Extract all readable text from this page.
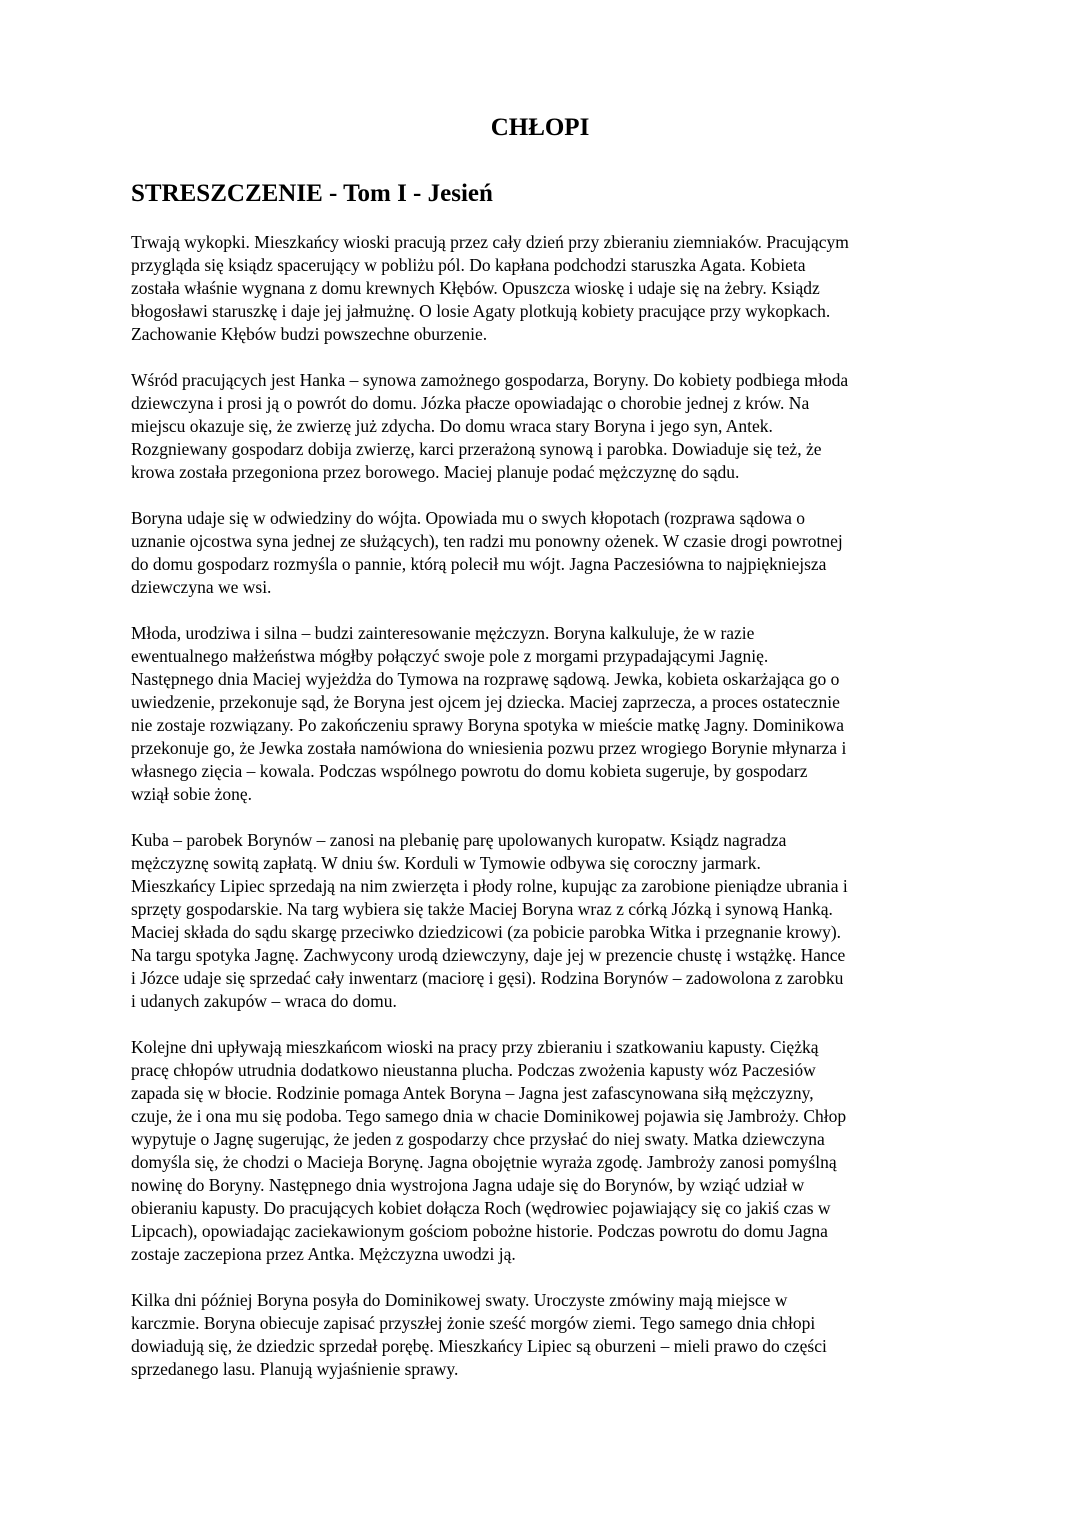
CHŁOPI
STRESZCZENIE - Tom I - Jesień

Trwają wykopki. Mieszkańcy wioski pracują przez cały dzień przy zbieraniu ziemniaków. Pracującym
przygląda się ksiądz spacerujący w pobliżu pól. Do kapłana podchodzi staruszka Agata. Kobieta
została właśnie wygnana z domu krewnych Kłębów. Opuszcza wioskę i udaje się na żebry. Ksiądz
błogosławi staruszkę i daje jej jałmużnę. O losie Agaty plotkują kobiety pracujące przy wykopkach.
Zachowanie Kłębów budzi powszechne oburzenie.

Wśród pracujących jest Hanka – synowa zamożnego gospodarza, Boryny. Do kobiety podbiega młoda
dziewczyna i prosi ją o powrót do domu. Józka płacze opowiadając o chorobie jednej z krów. Na
miejscu okazuje się, że zwierzę już zdycha. Do domu wraca stary Boryna i jego syn, Antek.
Rozgniewany gospodarz dobija zwierzę, karci przerażoną synową i parobka. Dowiaduje się też, że
krowa została przegoniona przez borowego. Maciej planuje podać mężczyznę do sądu.

Boryna udaje się w odwiedziny do wójta. Opowiada mu o swych kłopotach (rozprawa sądowa o
uznanie ojcostwa syna jednej ze służących), ten radzi mu ponowny ożenek. W czasie drogi powrotnej
do domu gospodarz rozmyśla o pannie, którą polecił mu wójt. Jagna Paczesiówna to najpiękniejsza
dziewczyna we wsi.

Młoda, urodziwa i silna – budzi zainteresowanie mężczyzn. Boryna kalkuluje, że w razie
ewentualnego małżeństwa mógłby połączyć swoje pole z morgami przypadającymi Jagnię.
Następnego dnia Maciej wyjeżdża do Tymowa na rozprawę sądową. Jewka, kobieta oskarżająca go o
uwiedzenie, przekonuje sąd, że Boryna jest ojcem jej dziecka. Maciej zaprzecza, a proces ostatecznie
nie zostaje rozwiązany. Po zakończeniu sprawy Boryna spotyka w mieście matkę Jagny. Dominikowa
przekonuje go, że Jewka została namówiona do wniesienia pozwu przez wrogiego Borynie młynarza i
własnego zięcia – kowala. Podczas wspólnego powrotu do domu kobieta sugeruje, by gospodarz
wziął sobie żonę.

Kuba – parobek Borynów – zanosi na plebanię parę upolowanych kuropatw. Ksiądz nagradza
mężczyznę sowitą zapłatą. W dniu św. Korduli w Tymowie odbywa się coroczny jarmark.
Mieszkańcy Lipiec sprzedają na nim zwierzęta i płody rolne, kupując za zarobione pieniądze ubrania i
sprzęty gospodarskie. Na targ wybiera się także Maciej Boryna wraz z córką Józką i synową Hanką.
Maciej składa do sądu skargę przeciwko dziedzicowi (za pobicie parobka Witka i przegnanie krowy).
Na targu spotyka Jagnę. Zachwycony urodą dziewczyny, daje jej w prezencie chustę i wstążkę. Hance
i Józce udaje się sprzedać cały inwentarz (maciorę i gęsi). Rodzina Borynów – zadowolona z zarobku
i udanych zakupów – wraca do domu.

Kolejne dni upływają mieszkańcom wioski na pracy przy zbieraniu i szatkowaniu kapusty. Ciężką
pracę chłopów utrudnia dodatkowo nieustanna plucha. Podczas zwożenia kapusty wóz Paczesiów
zapada się w błocie. Rodzinie pomaga Antek Boryna – Jagna jest zafascynowana siłą mężczyzny,
czuje, że i ona mu się podoba. Tego samego dnia w chacie Dominikowej pojawia się Jambroży. Chłop
wypytuje o Jagnę sugerując, że jeden z gospodarzy chce przysłać do niej swaty. Matka dziewczyna
domyśla się, że chodzi o Macieja Borynę. Jagna obojętnie wyraża zgodę. Jambroży zanosi pomyślną
nowinę do Boryny. Następnego dnia wystrojona Jagna udaje się do Borynów, by wziąć udział w
obieraniu kapusty. Do pracujących kobiet dołącza Roch (wędrowiec pojawiający się co jakiś czas w
Lipcach), opowiadając zaciekawionym gościom pobożne historie. Podczas powrotu do domu Jagna
zostaje zaczepiona przez Antka. Mężczyzna uwodzi ją.

Kilka dni później Boryna posyła do Dominikowej swaty. Uroczyste zmówiny mają miejsce w
karczmie. Boryna obiecuje zapisać przyszłej żonie sześć morgów ziemi. Tego samego dnia chłopi
dowiadują się, że dziedzic sprzedał porębę. Mieszkańcy Lipiec są oburzeni – mieli prawo do części
sprzedanego lasu. Planują wyjaśnienie sprawy.
